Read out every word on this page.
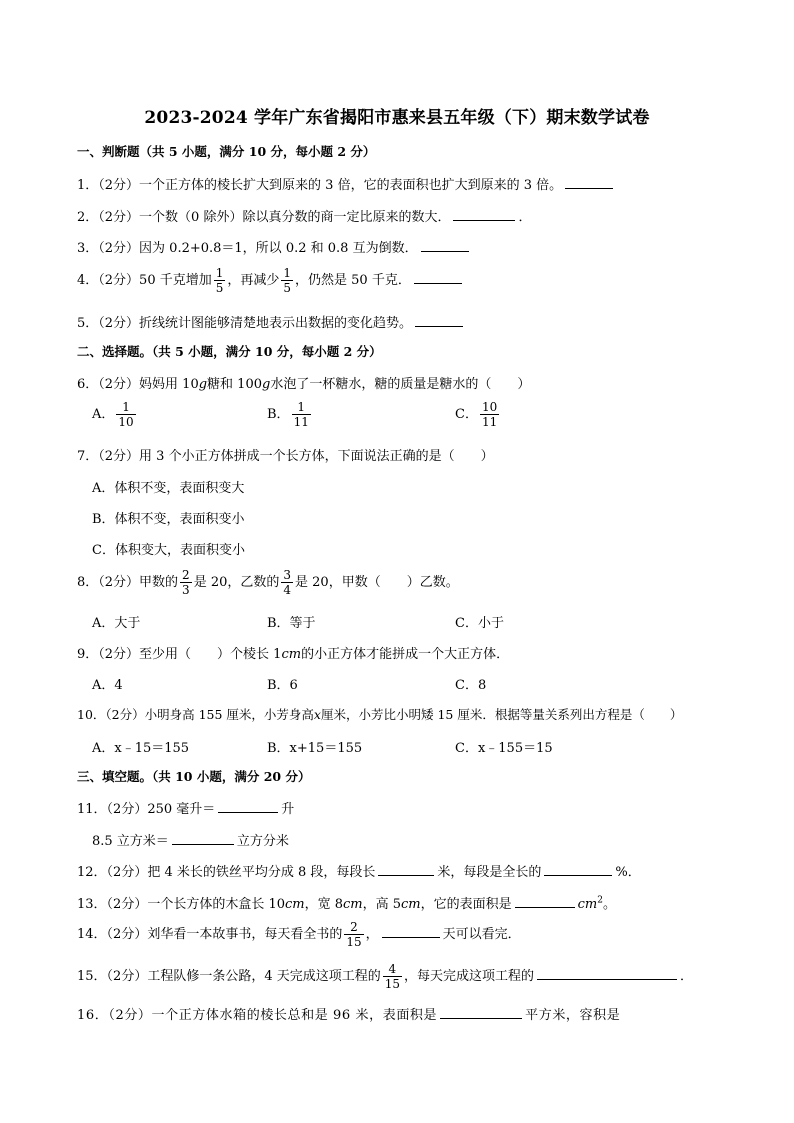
2023-2024 学年广东省揭阳市惠来县五年级（下）期末数学试卷
一、判断题（共 5 小题，满分 10 分，每小题 2 分）
1．（2分）一个正方体的棱长扩大到原来的 3 倍，它的表面积也扩大到原来的 3 倍。
2．（2分）一个数（0 除外）除以真分数的商一定比原来的数大．	．
3．（2分）因为 0.2+0.8＝1，所以 0.2 和 0.8 互为倒数．
4．（2分）50 千克增加 $\frac{1}{5}$ ，再减少 $\frac{1}{5}$ ，仍然是 50 千克．
5．（2分）折线统计图能够清楚地表示出数据的变化趋势。
二、选择题。（共 5 小题，满分 10 分，每小题 2 分）
6．（2分）妈妈用 10g糖和 100g水泡了一杯糖水，糖的质量是糖水的（　　）
A． $\frac{1}{10}$	B． $\frac{1}{11}$	C． $\frac{10}{11}$
7．（2分）用 3 个小正方体拼成一个长方体，下面说法正确的是（　　）
A．体积不变，表面积变大
B．体积不变，表面积变小
C．体积变大，表面积变小
8．（2分）甲数的 $\frac{2}{3}$ 是 20，乙数的 $\frac{3}{4}$ 是 20，甲数（　　）乙数。
A．大于	B．等于	C．小于
9．（2分）至少用（　　）个棱长 1cm的小正方体才能拼成一个大正方体．
A．4	B．6	C．8
10．（2分）小明身高 155 厘米，小芳身高x厘米，小芳比小明矮 15 厘米．根据等量关系列出方程是（　　）
A．x﹣15＝155	B．x+15＝155	C．x﹣155＝15
三、填空题。（共 10 小题，满分 20 分）
11．（2分）250 毫升＝	升
8.5 立方米＝	立方分米
12．（2分）把 4 米长的铁丝平均分成 8 段，每段长	米，每段是全长的	%．
13．（2分）一个长方体的木盒长 10cm，宽 8cm，高 5cm，它的表面积是	$cm^2$。
14．（2分）刘华看一本故事书，每天看全书的 $\frac{2}{15}$ ，	天可以看完．
15．（2分）工程队修一条公路，4 天完成这项工程的 $\frac{4}{15}$ ，每天完成这项工程的	．
16．（2分）一个正方体水箱的棱长总和是 96 米，表面积是	平方米，容积是
